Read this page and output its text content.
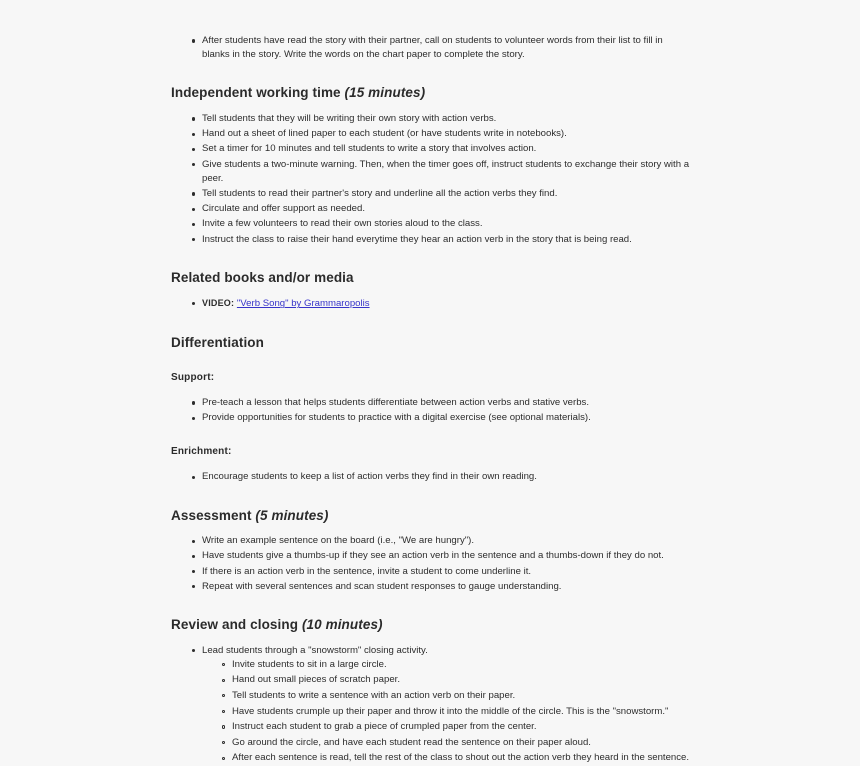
After students have read the story with their partner, call on students to volunteer words from their list to fill in blanks in the story. Write the words on the chart paper to complete the story.
Independent working time (15 minutes)
Tell students that they will be writing their own story with action verbs.
Hand out a sheet of lined paper to each student (or have students write in notebooks).
Set a timer for 10 minutes and tell students to write a story that involves action.
Give students a two-minute warning. Then, when the timer goes off, instruct students to exchange their story with a peer.
Tell students to read their partner's story and underline all the action verbs they find.
Circulate and offer support as needed.
Invite a few volunteers to read their own stories aloud to the class.
Instruct the class to raise their hand everytime they hear an action verb in the story that is being read.
Related books and/or media
VIDEO: "Verb Song" by Grammaropolis
Differentiation
Support:
Pre-teach a lesson that helps students differentiate between action verbs and stative verbs.
Provide opportunities for students to practice with a digital exercise (see optional materials).
Enrichment:
Encourage students to keep a list of action verbs they find in their own reading.
Assessment (5 minutes)
Write an example sentence on the board (i.e., "We are hungry").
Have students give a thumbs-up if they see an action verb in the sentence and a thumbs-down if they do not.
If there is an action verb in the sentence, invite a student to come underline it.
Repeat with several sentences and scan student responses to gauge understanding.
Review and closing (10 minutes)
Lead students through a "snowstorm" closing activity.
Invite students to sit in a large circle.
Hand out small pieces of scratch paper.
Tell students to write a sentence with an action verb on their paper.
Have students crumple up their paper and throw it into the middle of the circle. This is the "snowstorm."
Instruct each student to grab a piece of crumpled paper from the center.
Go around the circle, and have each student read the sentence on their paper aloud.
After each sentence is read, tell the rest of the class to shout out the action verb they heard in the sentence.
